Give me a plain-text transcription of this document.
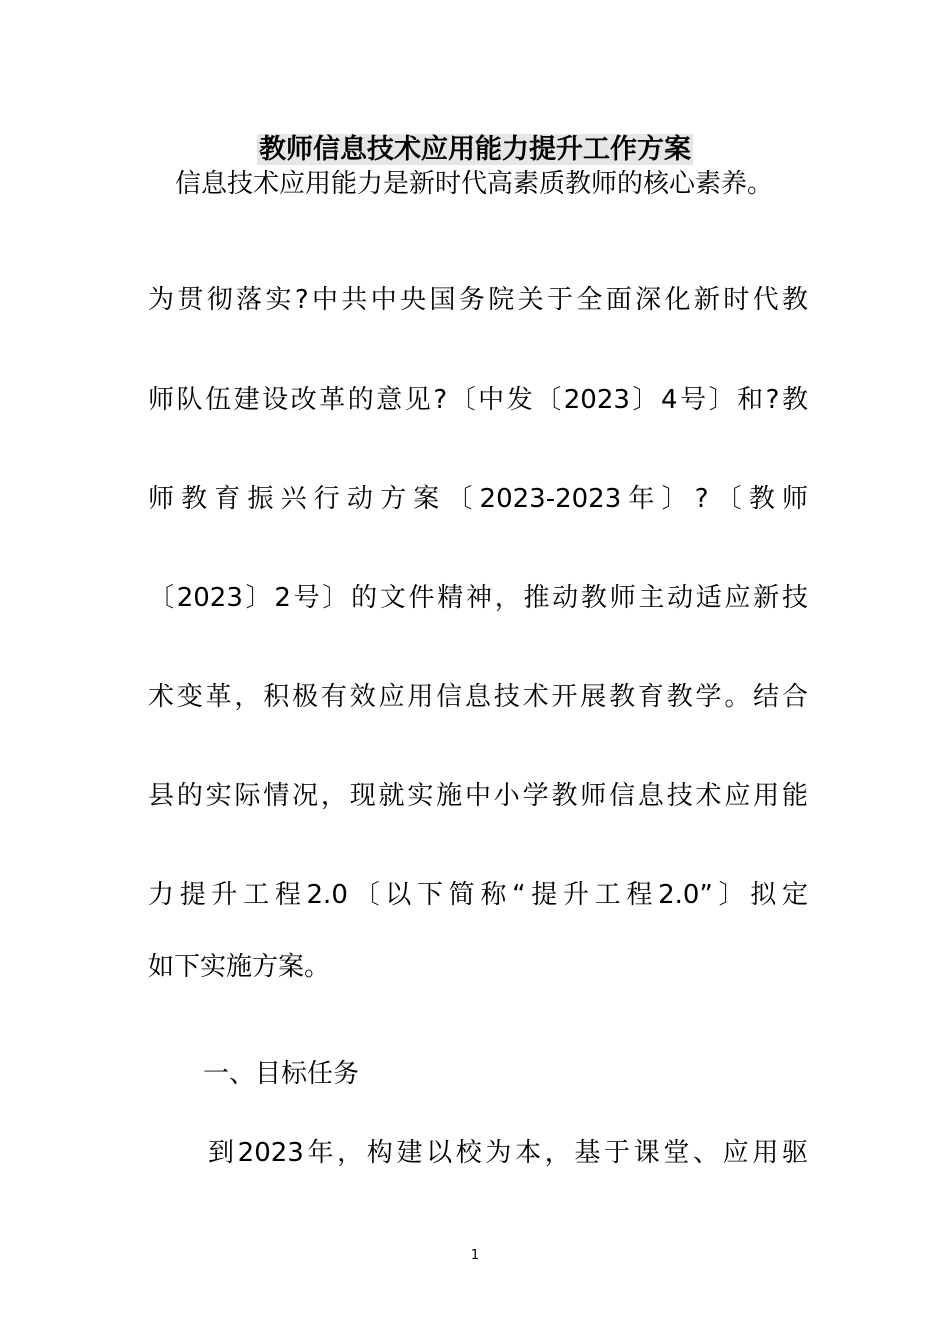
教师信息技术应用能力提升工作方案

信息技术应用能力是新时代高素质教师的核心素养。

为贯彻落实?中共中央国务院关于全面深化新时代教

师队伍建设改革的意见?〔中发〔2023〕4号〕和?教

师教育振兴行动方案〔2023-2023年〕?〔教师

〔2023〕2号〕的文件精神，推动教师主动适应新技

术变革，积极有效应用信息技术开展教育教学。结合

县的实际情况，现就实施中小学教师信息技术应用能

力提升工程2.0〔以下简称“提升工程2.0”〕拟定

如下实施方案。

一、目标任务

到2023年，构建以校为本，基于课堂、应用驱

1
